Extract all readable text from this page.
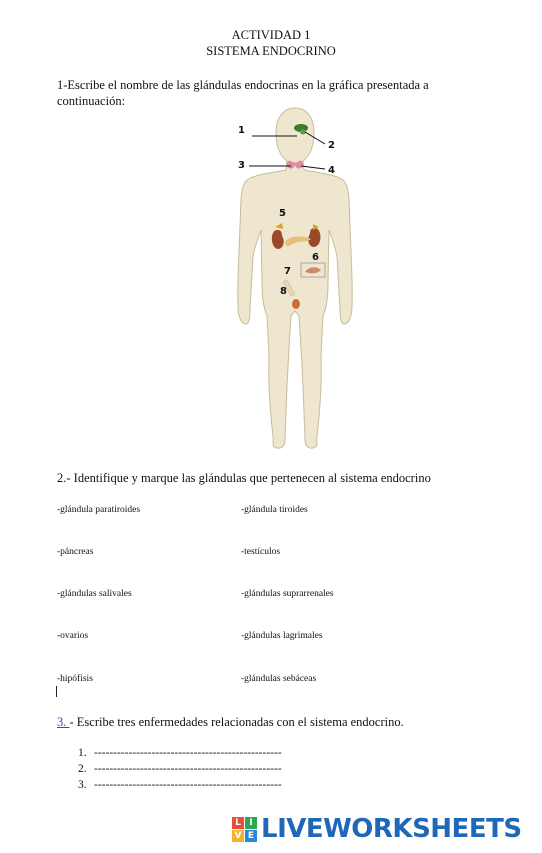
ACTIVIDAD 1
SISTEMA ENDOCRINO
1-Escribe el nombre de las glándulas endocrinas en la gráfica presentada a continuación:
1
2
3	4
5
6
7
8
2.- Identifique y marque las glándulas que pertenecen al sistema endocrino
-glándula paratiroides
-páncreas
-glándulas salivales
-ovarios
-hipófisis
-glándula tiroides
-testículos
-glándulas suprarrenales
-glándulas lagrimales
-glándulas sebáceas
3. - Escribe tres enfermedades relacionadas con el sistema endocrino.
1. -------------------------------------------------
2. -------------------------------------------------
3. -------------------------------------------------
L I
V E LIVEWORKSHEETS
